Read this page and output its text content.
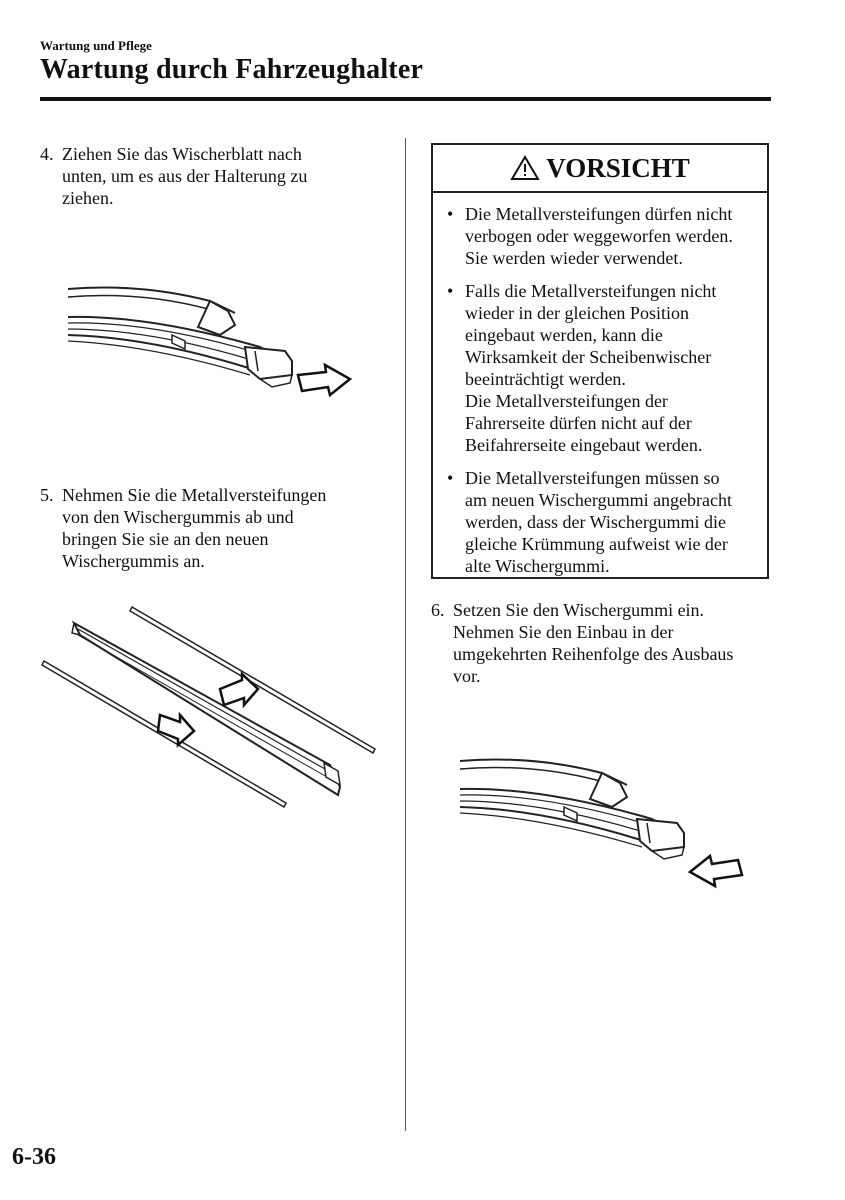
Wartung und Pflege
Wartung durch Fahrzeughalter
4. Ziehen Sie das Wischerblatt nach
unten, um es aus der Halterung zu
ziehen.
5. Nehmen Sie die Metallversteifungen
von den Wischergummis ab und
bringen Sie sie an den neuen
Wischergummis an.
VORSICHT
• Die Metallversteifungen dürfen nicht
verbogen oder weggeworfen werden.
Sie werden wieder verwendet.
• Falls die Metallversteifungen nicht
wieder in der gleichen Position
eingebaut werden, kann die
Wirksamkeit der Scheibenwischer
beeinträchtigt werden.
Die Metallversteifungen der
Fahrerseite dürfen nicht auf der
Beifahrerseite eingebaut werden.
• Die Metallversteifungen müssen so
am neuen Wischergummi angebracht
werden, dass der Wischergummi die
gleiche Krümmung aufweist wie der
alte Wischergummi.
6. Setzen Sie den Wischergummi ein.
Nehmen Sie den Einbau in der
umgekehrten Reihenfolge des Ausbaus
vor.
6-36
